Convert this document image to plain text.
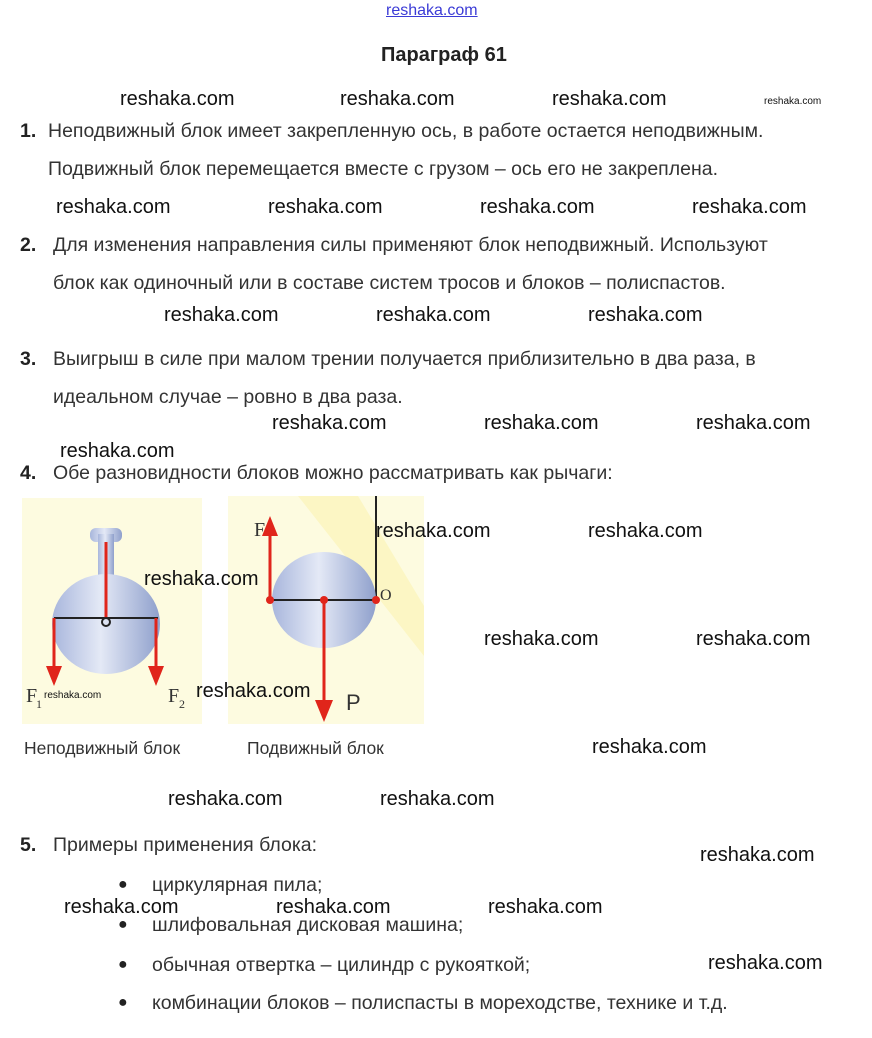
reshaka.com
Параграф 61
reshaka.com	reshaka.com	reshaka.com	reshaka.com
1. Неподвижный блок имеет закрепленную ось, в работе остается неподвижным.
Подвижный блок перемещается вместе с грузом – ось его не закреплена.
reshaka.com	reshaka.com	reshaka.com	reshaka.com
2. Для изменения направления силы применяют блок неподвижный. Используют
блок как одиночный или в составе систем тросов и блоков – полиспастов.
reshaka.com	reshaka.com	reshaka.com
3. Выигрыш в силе при малом трении получается приблизительно в два раза, в
идеальном случае – ровно в два раза.
reshaka.com	reshaka.com	reshaka.com
reshaka.com
4. Обе разновидности блоков можно рассматривать как рычаги:
F
1	F 2
reshaka.com
F
O
P
reshaka.com
reshaka.com
reshaka.com	reshaka.com
reshaka.com	reshaka.com
reshaka.com
Неподвижный блок	Подвижный блок
reshaka.com	reshaka.com
5. Примеры применения блока:	reshaka.com
● циркулярная пила;
● шлифовальная дисковая машина;
reshaka.com	reshaka.com	reshaka.com
● обычная отвертка – цилиндр с рукояткой;	reshaka.com
● комбинации блоков – полиспасты в мореходстве, технике и т.д.
